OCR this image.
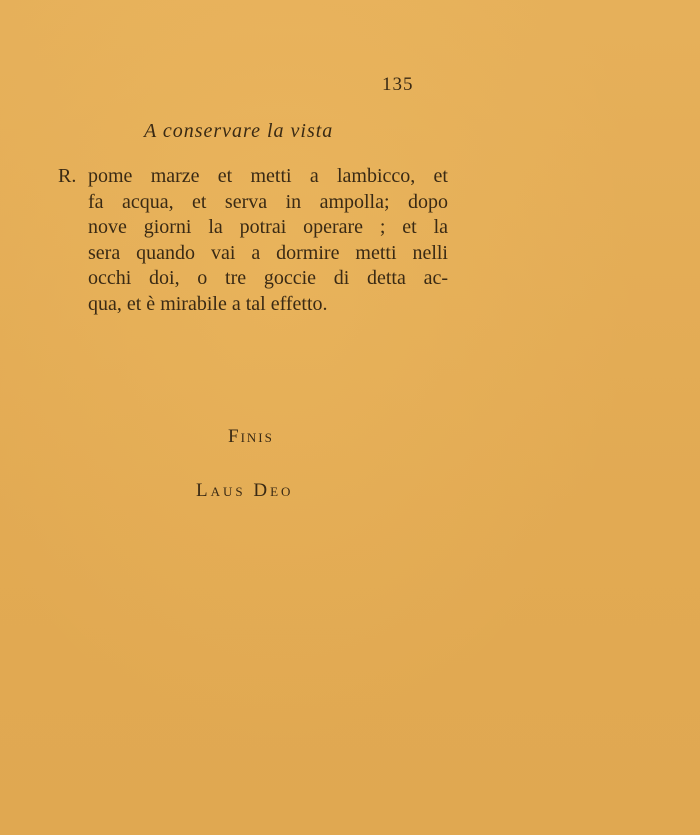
135
A conservare la vista
R. pome marze et metti a lambicco, et
fa acqua, et serva in ampolla; dopo
nove giorni la potrai operare ; et la
sera quando vai a dormire metti nelli
occhi doi, o tre goccie di detta ac-
qua, et è mirabile a tal effetto.
Finis
Laus Deo
